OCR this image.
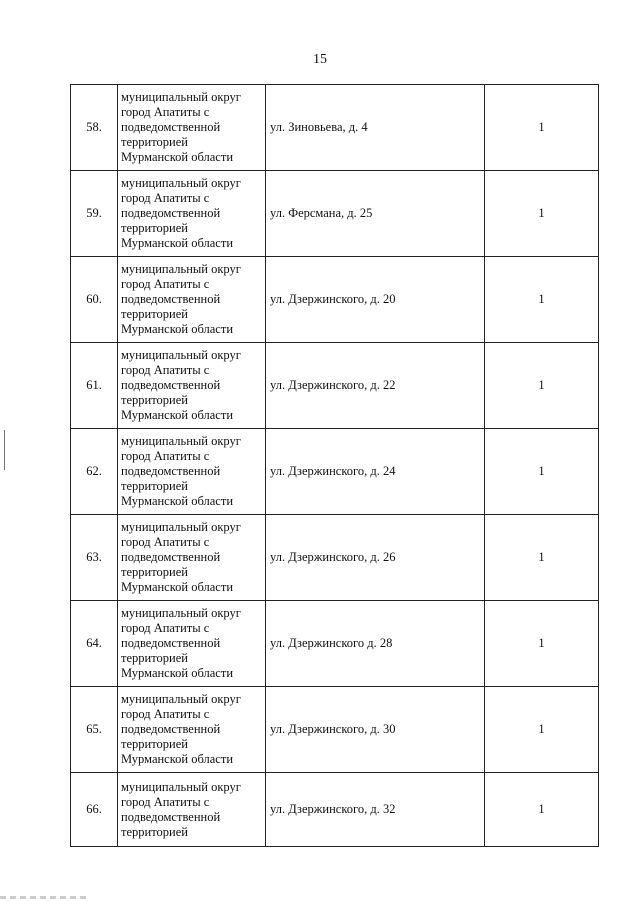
15
58.	муниципальный округ
город Апатиты с
подведомственной
территорией
Мурманской области	ул. Зиновьева, д. 4	1
59.	муниципальный округ
город Апатиты с
подведомственной
территорией
Мурманской области	ул. Ферсмана, д. 25	1
60.	муниципальный округ
город Апатиты с
подведомственной
территорией
Мурманской области	ул. Дзержинского, д. 20	1
61.	муниципальный округ
город Апатиты с
подведомственной
территорией
Мурманской области	ул. Дзержинского, д. 22	1
62.	муниципальный округ
город Апатиты с
подведомственной
территорией
Мурманской области	ул. Дзержинского, д. 24	1
63.	муниципальный округ
город Апатиты с
подведомственной
территорией
Мурманской области	ул. Дзержинского, д. 26	1
64.	муниципальный округ
город Апатиты с
подведомственной
территорией
Мурманской области	ул. Дзержинского д. 28	1
65.	муниципальный округ
город Апатиты с
подведомственной
территорией
Мурманской области	ул. Дзержинского, д. 30	1
66.	муниципальный округ
город Апатиты с
подведомственной
территорией	ул. Дзержинского, д. 32	1
